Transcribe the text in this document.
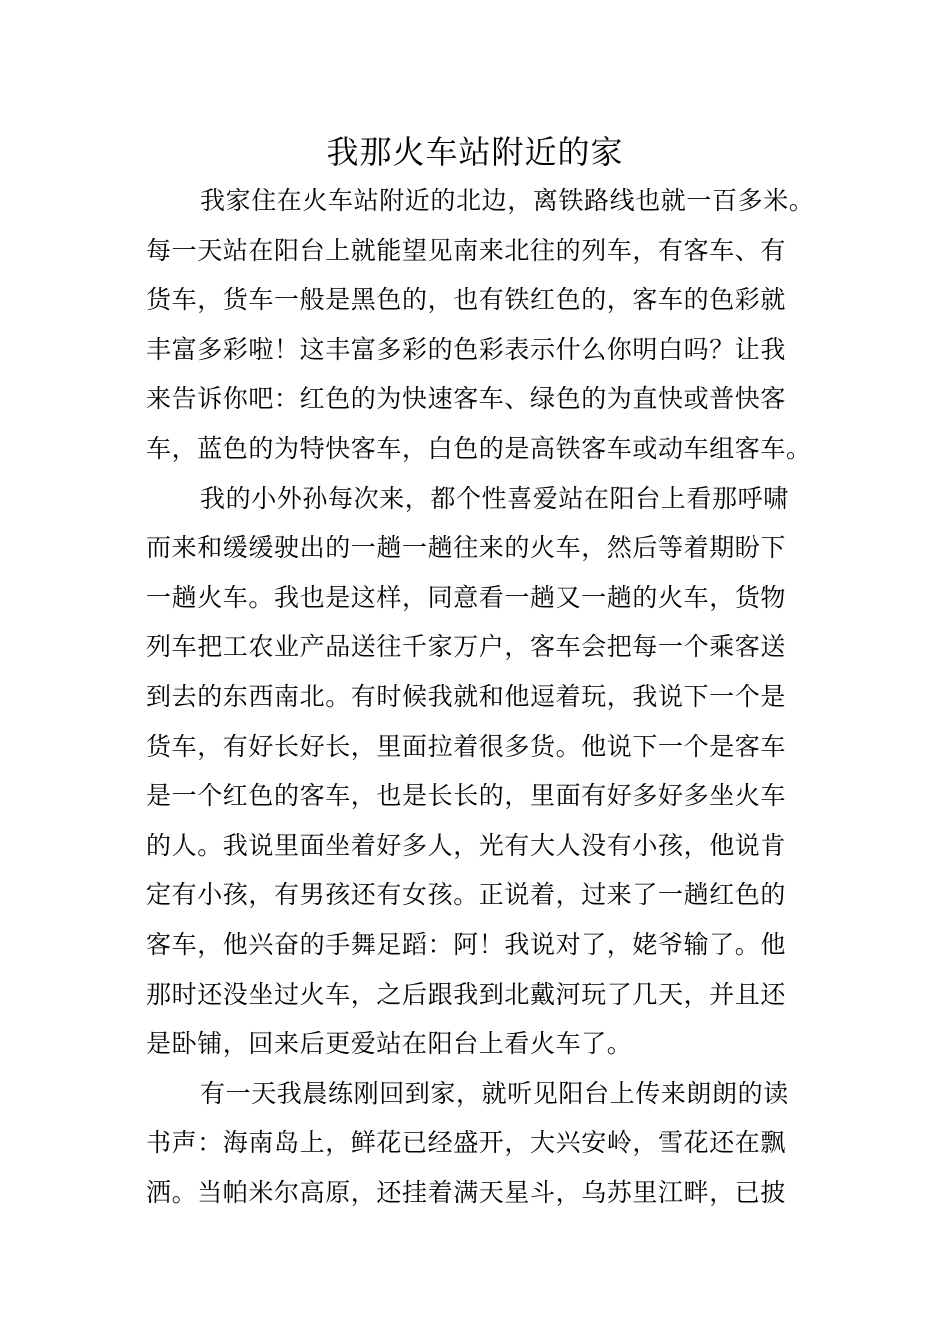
我那火车站附近的家
我家住在火车站附近的北边，离铁路线也就一百多米。
每一天站在阳台上就能望见南来北往的列车，有客车、有
货车，货车一般是黑色的，也有铁红色的，客车的色彩就
丰富多彩啦！这丰富多彩的色彩表示什么你明白吗？让我
来告诉你吧：红色的为快速客车、绿色的为直快或普快客
车，蓝色的为特快客车，白色的是高铁客车或动车组客车。
我的小外孙每次来，都个性喜爱站在阳台上看那呼啸
而来和缓缓驶出的一趟一趟往来的火车，然后等着期盼下
一趟火车。我也是这样，同意看一趟又一趟的火车，货物
列车把工农业产品送往千家万户，客车会把每一个乘客送
到去的东西南北。有时候我就和他逗着玩，我说下一个是
货车，有好长好长，里面拉着很多货。他说下一个是客车
是一个红色的客车，也是长长的，里面有好多好多坐火车
的人。我说里面坐着好多人，光有大人没有小孩，他说肯
定有小孩，有男孩还有女孩。正说着，过来了一趟红色的
客车，他兴奋的手舞足蹈：阿！我说对了，姥爷输了。他
那时还没坐过火车，之后跟我到北戴河玩了几天，并且还
是卧铺，回来后更爱站在阳台上看火车了。
有一天我晨练刚回到家，就听见阳台上传来朗朗的读
书声：海南岛上，鲜花已经盛开，大兴安岭，雪花还在飘
洒。当帕米尔高原，还挂着满天星斗，乌苏里江畔，已披
